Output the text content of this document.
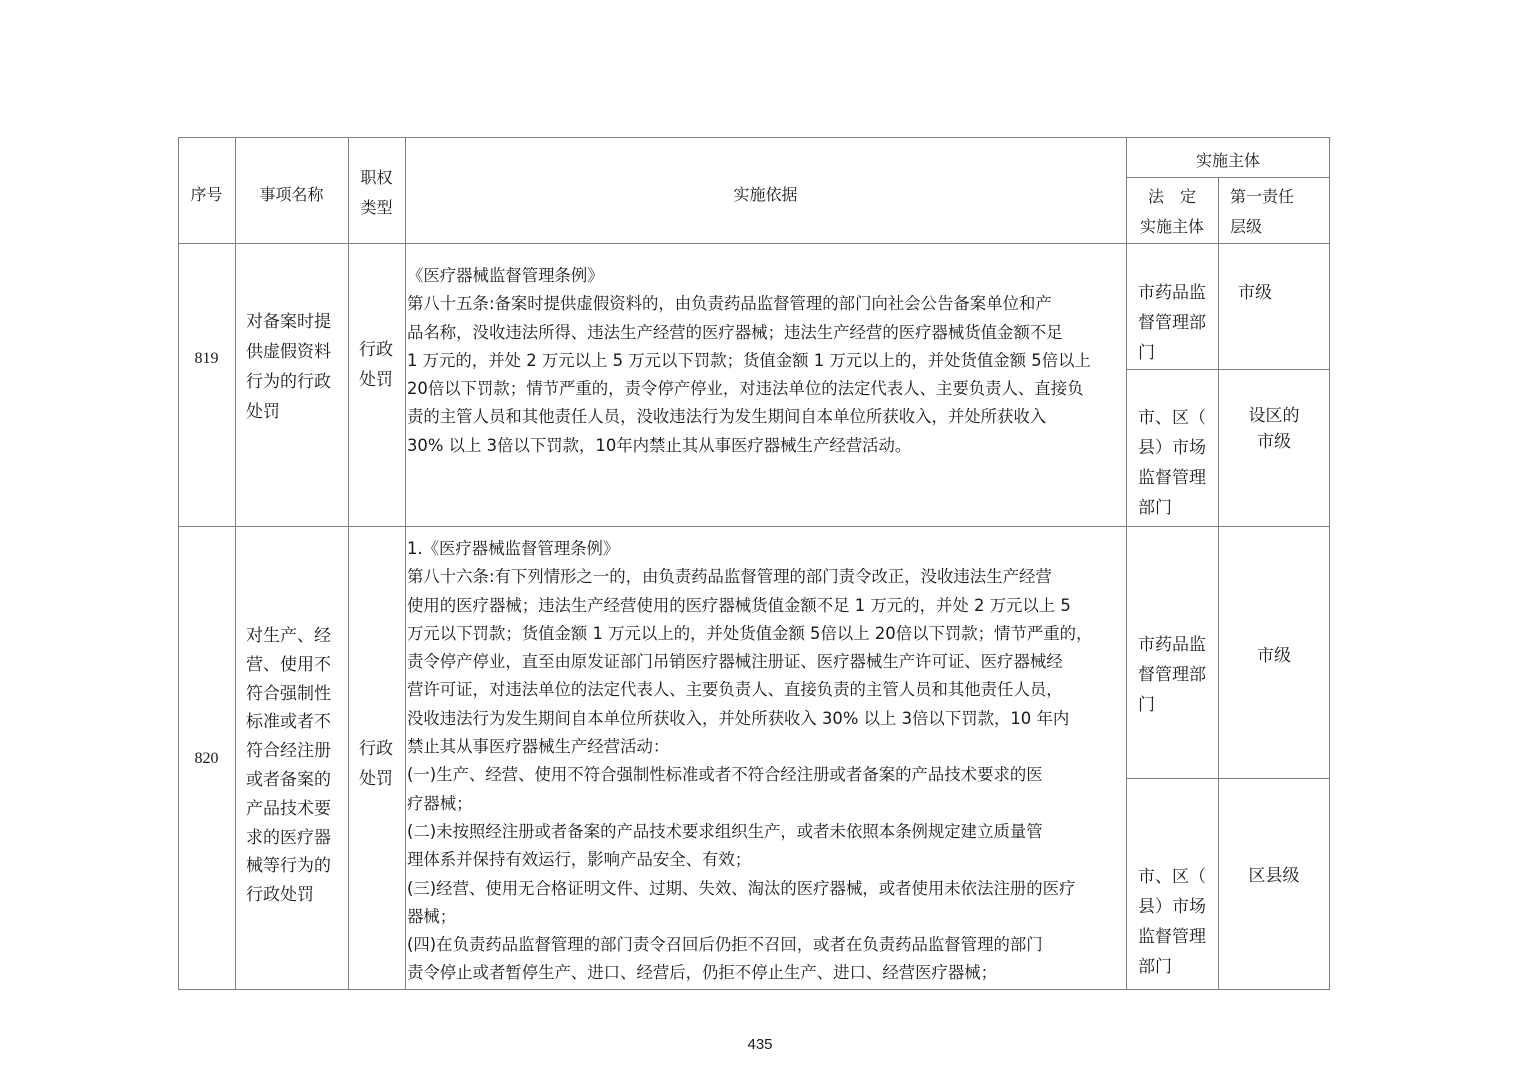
序号	事项名称
职权
类型
实施依据
实施主体
法　定
实施主体
第一责任
层级
819
对备案时提
供虚假资料
行为的行政
处罚
行政
处罚
《医疗器械监督管理条例》
第八十五条:备案时提供虚假资料的，由负责药品监督管理的部门向社会公告备案单位和产
品名称，没收违法所得、违法生产经营的医疗器械；违法生产经营的医疗器械货值金额不足
1 万元的，并处 2 万元以上 5 万元以下罚款；货值金额 1 万元以上的，并处货值金额 5倍以上
20倍以下罚款；情节严重的，责令停产停业，对违法单位的法定代表人、主要负责人、直接负
责的主管人员和其他责任人员，没收违法行为发生期间自本单位所获收入，并处所获收入
30% 以上 3倍以下罚款，10年内禁止其从事医疗器械生产经营活动。
市药品监
督管理部
门
市级
市、区（
县）市场
监督管理
部门
设区的
市级
820
对生产、经
营、使用不
符合强制性
标准或者不
符合经注册
或者备案的
产品技术要
求的医疗器
械等行为的
行政处罚
行政
处罚
1.《医疗器械监督管理条例》
第八十六条:有下列情形之一的，由负责药品监督管理的部门责令改正，没收违法生产经营
使用的医疗器械；违法生产经营使用的医疗器械货值金额不足 1 万元的，并处 2 万元以上 5
万元以下罚款；货值金额 1 万元以上的，并处货值金额 5倍以上 20倍以下罚款；情节严重的，
责令停产停业，直至由原发证部门吊销医疗器械注册证、医疗器械生产许可证、医疗器械经
营许可证，对违法单位的法定代表人、主要负责人、直接负责的主管人员和其他责任人员，
没收违法行为发生期间自本单位所获收入，并处所获收入 30% 以上 3倍以下罚款，10 年内
禁止其从事医疗器械生产经营活动：
(一)生产、经营、使用不符合强制性标准或者不符合经注册或者备案的产品技术要求的医
疗器械；
(二)未按照经注册或者备案的产品技术要求组织生产，或者未依照本条例规定建立质量管
理体系并保持有效运行，影响产品安全、有效；
(三)经营、使用无合格证明文件、过期、失效、淘汰的医疗器械，或者使用未依法注册的医疗
器械；
(四)在负责药品监督管理的部门责令召回后仍拒不召回，或者在负责药品监督管理的部门
责令停止或者暂停生产、进口、经营后，仍拒不停止生产、进口、经营医疗器械；
市药品监
督管理部
门
市级
市、区（
县）市场
监督管理
部门
区县级
435
